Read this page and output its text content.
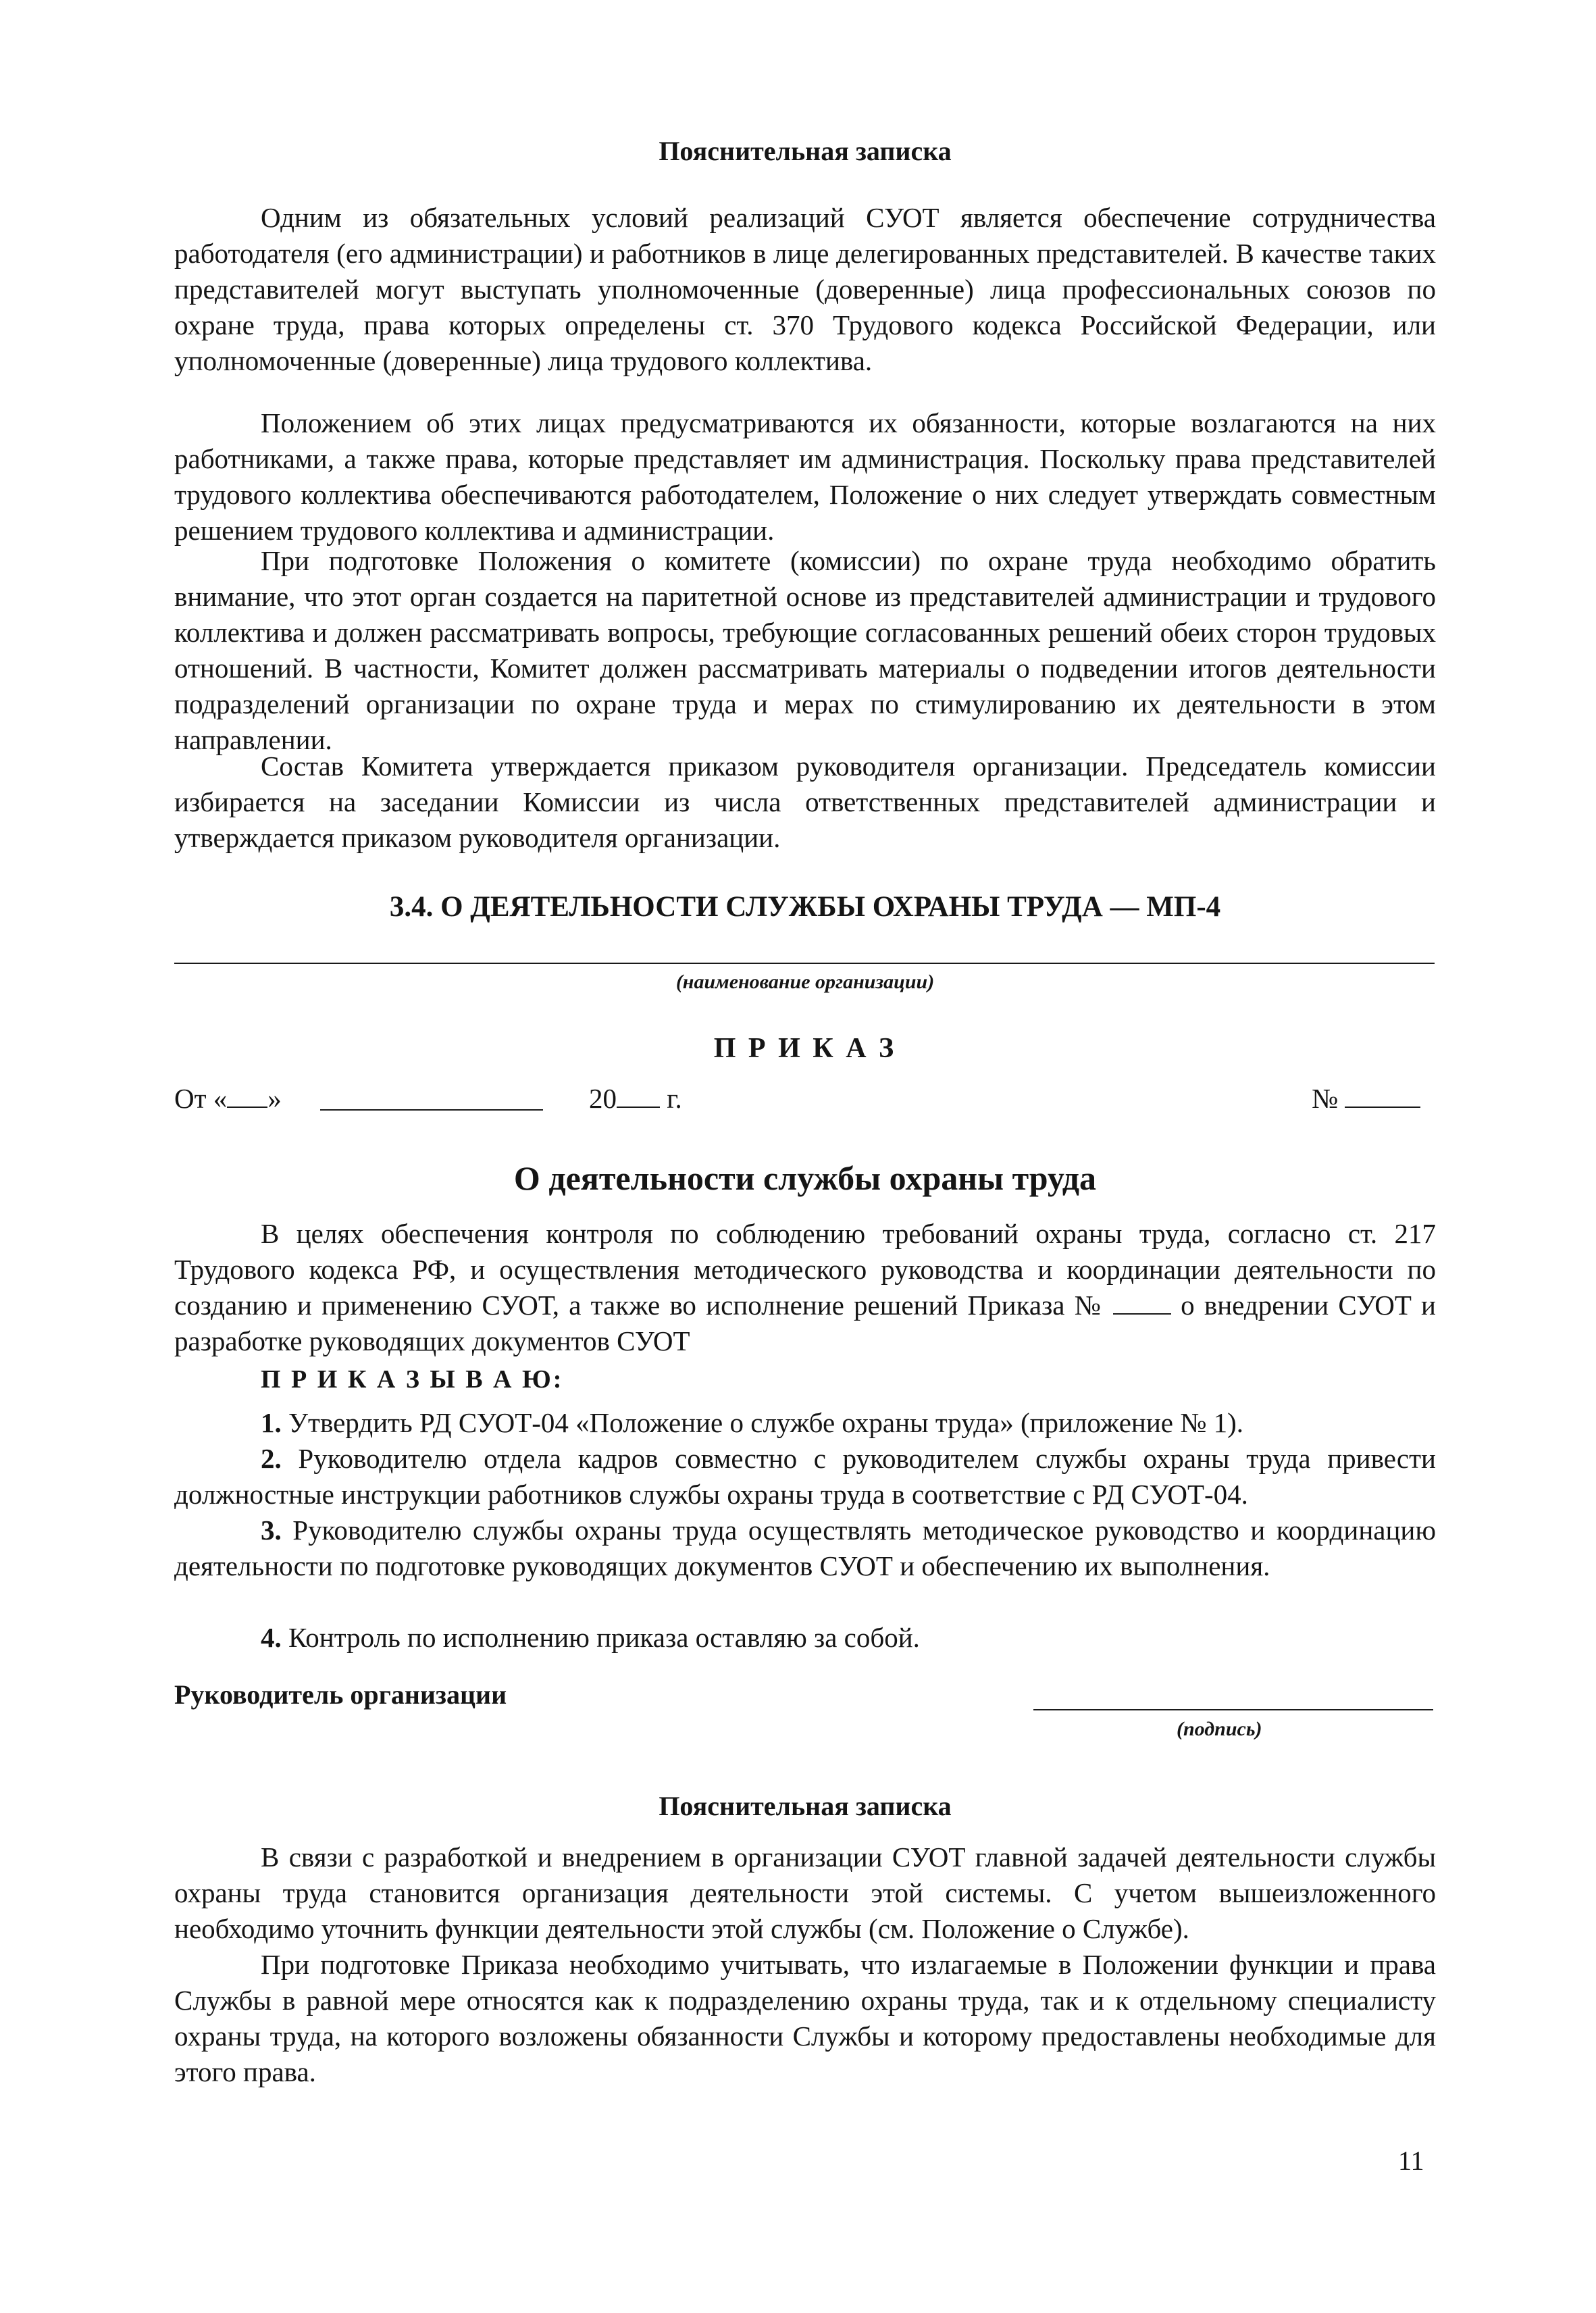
Пояснительная записка

Одним из обязательных условий реализаций СУОТ является обеспечение сотрудничества работодателя (его администрации) и работников в лице делегированных представителей. В качестве таких представителей могут выступать уполномоченные (доверенные) лица профессиональных союзов по охране труда, права которых определены ст. 370 Трудового кодекса Российской Федерации, или уполномоченные (доверенные) лица трудового коллектива.

Положением об этих лицах предусматриваются их обязанности, которые возлагаются на них работниками, а также права, которые представляет им администрация. Поскольку права представителей трудового коллектива обеспечиваются работодателем, Положение о них следует утверждать совместным решением трудового коллектива и администрации.

При подготовке Положения о комитете (комиссии) по охране труда необходимо обратить внимание, что этот орган создается на паритетной основе из представителей администрации и трудового коллектива и должен рассматривать вопросы, требующие согласованных решений обеих сторон трудовых отношений. В частности, Комитет должен рассматривать материалы о подведении итогов деятельности подразделений организации по охране труда и мерах по стимулированию их деятельности в этом направлении.

Состав Комитета утверждается приказом руководителя организации. Председатель комиссии избирается на заседании Комиссии из числа ответственных представителей администрации и утверждается приказом руководителя организации.

3.4. О ДЕЯТЕЛЬНОСТИ СЛУЖБЫ ОХРАНЫ ТРУДА — МП-4
(наименование организации)
П Р И К А З
От « »	20 г.	№
О деятельности службы охраны труда
В целях обеспечения контроля по соблюдению требований охраны труда, согласно ст. 217 Трудового кодекса РФ, и осуществления методического руководства и координации деятельности по созданию и применению СУОТ, а также во исполнение решений Приказа №	о внедрении СУОТ и разработке руководящих документов СУОТ
П Р И К А З Ы В А Ю:

1. Утвердить РД СУОТ-04 «Положение о службе охраны труда» (приложение № 1).

2. Руководителю отдела кадров совместно с руководителем службы охраны труда привести должностные инструкции работников службы охраны труда в соответствие с РД СУОТ-04.

3. Руководителю службы охраны труда осуществлять методическое руководство и координацию деятельности по подготовке руководящих документов СУОТ и обеспечению их выполнения.

4. Контроль по исполнению приказа оставляю за собой.

Руководитель организации
(подпись)
Пояснительная записка

В связи с разработкой и внедрением в организации СУОТ главной задачей деятельности службы охраны труда становится организация деятельности этой системы. С учетом вышеизложенного необходимо уточнить функции деятельности этой службы (см. Положение о Службе).

При подготовке Приказа необходимо учитывать, что излагаемые в Положении функции и права Службы в равной мере относятся как к подразделению охраны труда, так и к отдельному специалисту охраны труда, на которого возложены обязанности Службы и которому предоставлены необходимые для этого права.

11
